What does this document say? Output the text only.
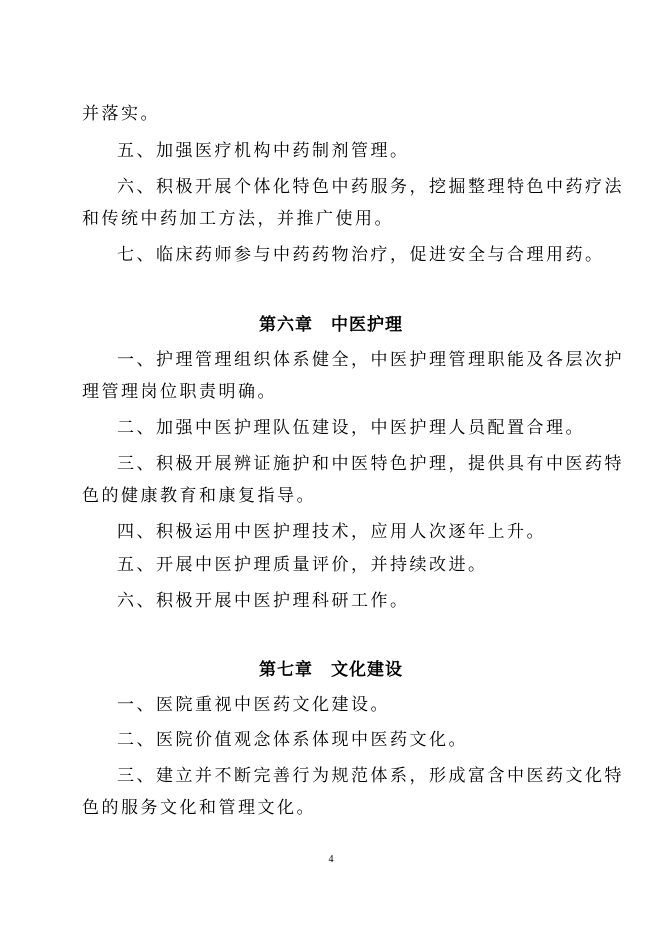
并落实。
五、加强医疗机构中药制剂管理。
六、积极开展个体化特色中药服务，挖掘整理特色中药疗法
和传统中药加工方法，并推广使用。
七、临床药师参与中药药物治疗，促进安全与合理用药。
第六章　中医护理
一、护理管理组织体系健全，中医护理管理职能及各层次护
理管理岗位职责明确。
二、加强中医护理队伍建设，中医护理人员配置合理。
三、积极开展辨证施护和中医特色护理，提供具有中医药特
色的健康教育和康复指导。
四、积极运用中医护理技术，应用人次逐年上升。
五、开展中医护理质量评价，并持续改进。
六、积极开展中医护理科研工作。
第七章　文化建设
一、医院重视中医药文化建设。
二、医院价值观念体系体现中医药文化。
三、建立并不断完善行为规范体系，形成富含中医药文化特
色的服务文化和管理文化。
4
